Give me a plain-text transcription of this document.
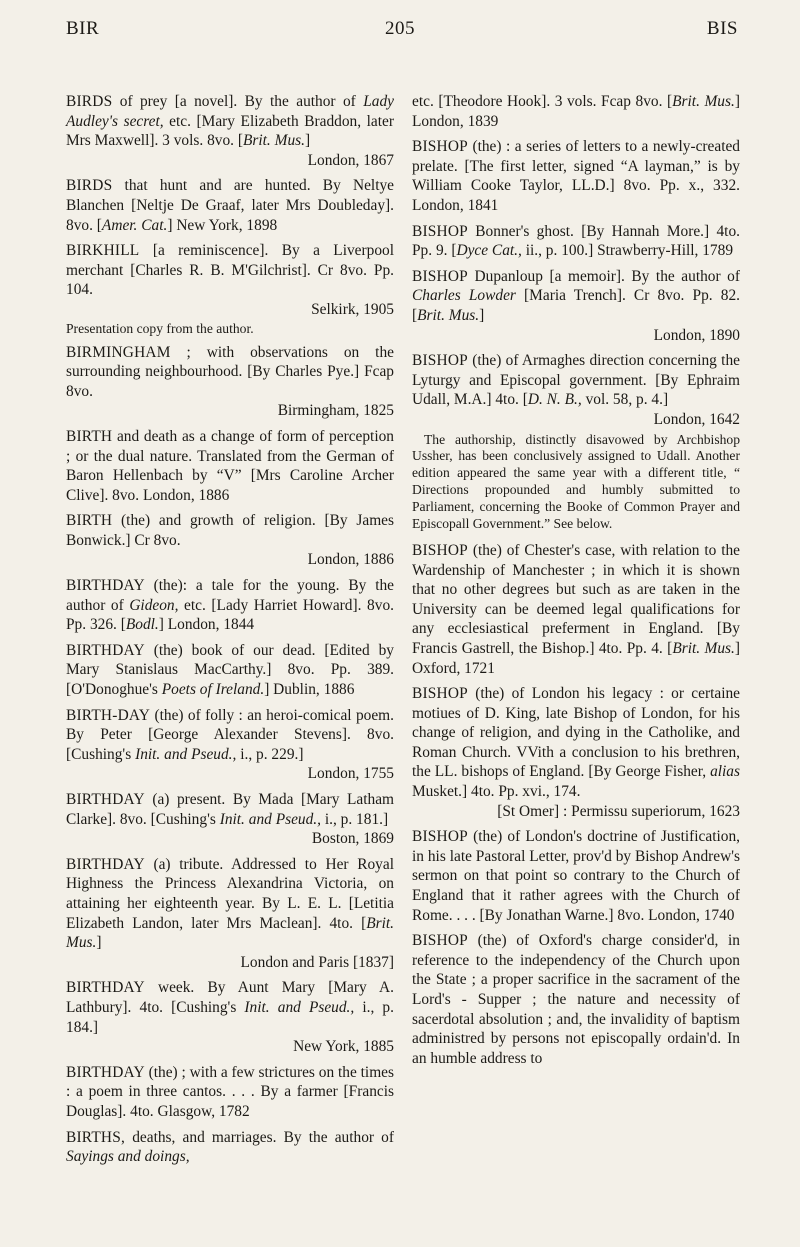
BIR	205	BIS

BIRDS of prey [a novel]. By the author of Lady Audley's secret, etc. [Mary Elizabeth Braddon, later Mrs Maxwell]. 3 vols. 8vo. [Brit. Mus.]
London, 1867

BIRDS that hunt and are hunted. By Neltye Blanchen [Neltje De Graaf, later Mrs Doubleday]. 8vo. [Amer. Cat.] New York, 1898

BIRKHILL [a reminiscence]. By a Liverpool merchant [Charles R. B. M'Gilchrist]. Cr 8vo. Pp. 104.
Selkirk, 1905
Presentation copy from the author.

BIRMINGHAM ; with observations on the surrounding neighbourhood. [By Charles Pye.] Fcap 8vo.
Birmingham, 1825

BIRTH and death as a change of form of perception ; or the dual nature. Translated from the German of Baron Hellenbach by “V” [Mrs Caroline Archer Clive]. 8vo. London, 1886

BIRTH (the) and growth of religion. [By James Bonwick.] Cr 8vo.
London, 1886

BIRTHDAY (the): a tale for the young. By the author of Gideon, etc. [Lady Harriet Howard]. 8vo. Pp. 326. [Bodl.] London, 1844

BIRTHDAY (the) book of our dead. [Edited by Mary Stanislaus MacCarthy.] 8vo. Pp. 389. [O'Donoghue's Poets of Ireland.] Dublin, 1886

BIRTH-DAY (the) of folly : an heroi-comical poem. By Peter [George Alexander Stevens]. 8vo. [Cushing's Init. and Pseud., i., p. 229.]
London, 1755

BIRTHDAY (a) present. By Mada [Mary Latham Clarke]. 8vo. [Cushing's Init. and Pseud., i., p. 181.]
Boston, 1869

BIRTHDAY (a) tribute. Addressed to Her Royal Highness the Princess Alexandrina Victoria, on attaining her eighteenth year. By L. E. L. [Letitia Elizabeth Landon, later Mrs Maclean]. 4to. [Brit. Mus.]
London and Paris [1837]

BIRTHDAY week. By Aunt Mary [Mary A. Lathbury]. 4to. [Cushing's Init. and Pseud., i., p. 184.]
New York, 1885

BIRTHDAY (the) ; with a few strictures on the times : a poem in three cantos. . . . By a farmer [Francis Douglas]. 4to. Glasgow, 1782

BIRTHS, deaths, and marriages. By the author of Sayings and doings,

etc. [Theodore Hook]. 3 vols. Fcap 8vo. [Brit. Mus.] London, 1839

BISHOP (the) : a series of letters to a newly-created prelate. [The first letter, signed “A layman,” is by William Cooke Taylor, LL.D.] 8vo. Pp. x., 332. London, 1841

BISHOP Bonner's ghost. [By Hannah More.] 4to. Pp. 9. [Dyce Cat., ii., p. 100.] Strawberry-Hill, 1789

BISHOP Dupanloup [a memoir]. By the author of Charles Lowder [Maria Trench]. Cr 8vo. Pp. 82. [Brit. Mus.]
London, 1890

BISHOP (the) of Armaghes direction concerning the Lyturgy and Episcopal government. [By Ephraim Udall, M.A.] 4to. [D. N. B., vol. 58, p. 4.]
London, 1642

The authorship, distinctly disavowed by Archbishop Ussher, has been conclusively assigned to Udall. Another edition appeared the same year with a different title, “ Directions propounded and humbly submitted to Parliament, concerning the Booke of Common Prayer and Episcopall Government.” See below.

BISHOP (the) of Chester's case, with relation to the Wardenship of Manchester ; in which it is shown that no other degrees but such as are taken in the University can be deemed legal qualifications for any ecclesiastical preferment in England. [By Francis Gastrell, the Bishop.] 4to. Pp. 4. [Brit. Mus.] Oxford, 1721

BISHOP (the) of London his legacy : or certaine motiues of D. King, late Bishop of London, for his change of religion, and dying in the Catholike, and Roman Church. VVith a conclusion to his brethren, the LL. bishops of England. [By George Fisher, alias Musket.] 4to. Pp. xvi., 174.
[St Omer] : Permissu superiorum, 1623

BISHOP (the) of London's doctrine of Justification, in his late Pastoral Letter, prov'd by Bishop Andrew's sermon on that point so contrary to the Church of England that it rather agrees with the Church of Rome. . . . [By Jonathan Warne.] 8vo. London, 1740

BISHOP (the) of Oxford's charge consider'd, in reference to the independency of the Church upon the State ; a proper sacrifice in the sacrament of the Lord's - Supper ; the nature and necessity of sacerdotal absolution ; and, the invalidity of baptism administred by persons not episcopally ordain'd. In an humble address to
